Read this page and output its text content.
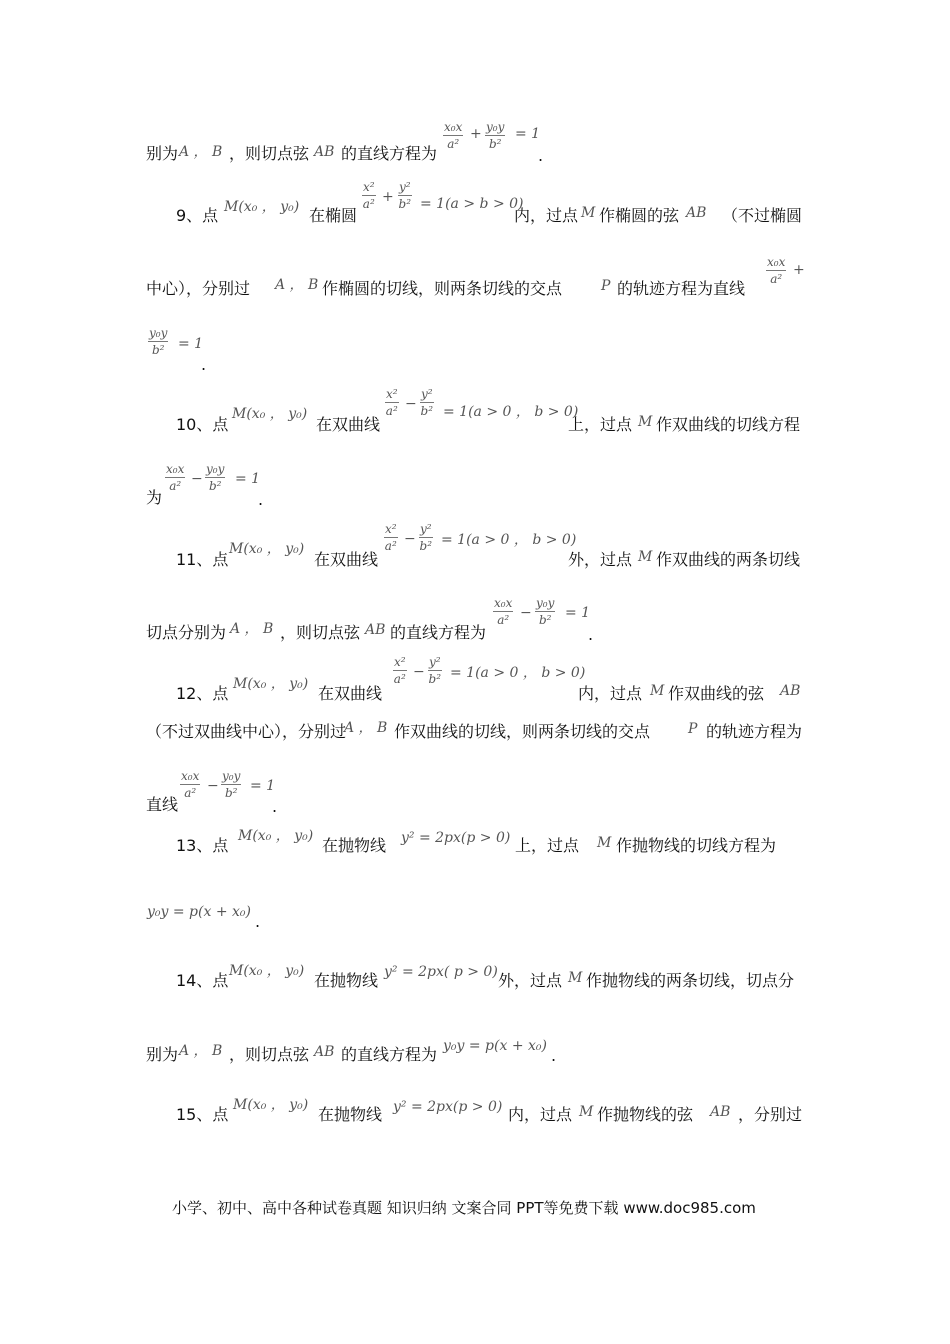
别为 A ， B ，则切点弦 AB 的直线方程为
$\frac{\text{x₀x}}{\text{a²}} + \frac{\text{y₀y}}{\text{b²}} = 1$
.
9、点 M(x₀ ， y₀) 在椭圆
$\frac{\text{x²}}{\text{a²}} + \frac{\text{y²}}{\text{b²}} = 1(a > b > 0)$
内，过点 M 作椭圆的弦 AB （不过椭圆
中心），分别过 A ， B 作椭圆的切线，则两条切线的交点	P 的轨迹方程为直线
$\frac{\text{x₀x}}{\text{a²}}$ +
$\frac{\text{y₀y}}{\text{b²}} = 1$
.
10、点
M(x₀ ， y₀)
在双曲线
$\frac{\text{x²}}{\text{a²}} - \frac{\text{y²}}{\text{b²}} = 1(a > 0$ ， b > 0)
上，过点 M 作双曲线的切线方程
为
$\frac{\text{x₀x}}{\text{a²}} - \frac{\text{y₀y}}{\text{b²}} = 1$
.
11、点
M(x₀ ， y₀)
在双曲线
$\frac{\text{x²}}{\text{a²}} - \frac{\text{y²}}{\text{b²}} = 1(a > 0$ ， b > 0)
外，过点 M 作双曲线的两条切线
切点分别为 A ， B ，则切点弦 AB 的直线方程为
$\frac{\text{x₀x}}{\text{a²}} - \frac{\text{y₀y}}{\text{b²}} = 1$
.
12、点 M(x₀ ， y₀) 在双曲线
$\frac{\text{x²}}{\text{a²}} - \frac{\text{y²}}{\text{b²}} = 1(a > 0$ ， b > 0)
内，过点 M 作双曲线的弦 AB
（不过双曲线中心），分别过
A ， B 作双曲线的切线，则两条切线的交点	P 的轨迹方程为
直线
$\frac{\text{x₀x}}{\text{a²}} - \frac{\text{y₀y}}{\text{b²}} = 1$
.
13、点 M(x₀ ， y₀) 在抛物线 y² = 2px(p > 0) 上，过点 M 作抛物线的切线方程为
y₀y = p(x + x₀) .
14、点 M(x₀ ， y₀) 在抛物线 y² = 2px( p > 0) 外，过点 M 作抛物线的两条切线，切点分
别为 A ， B ，则切点弦 AB 的直线方程为 y₀y = p(x + x₀) .
15、点 M(x₀ ， y₀) 在抛物线 y² = 2px(p > 0) 内，过点 M 作抛物线的弦 AB ，分别过
小学、初中、高中各种试卷真题 知识归纳 文案合同 PPT等免费下载 www.doc985.com
